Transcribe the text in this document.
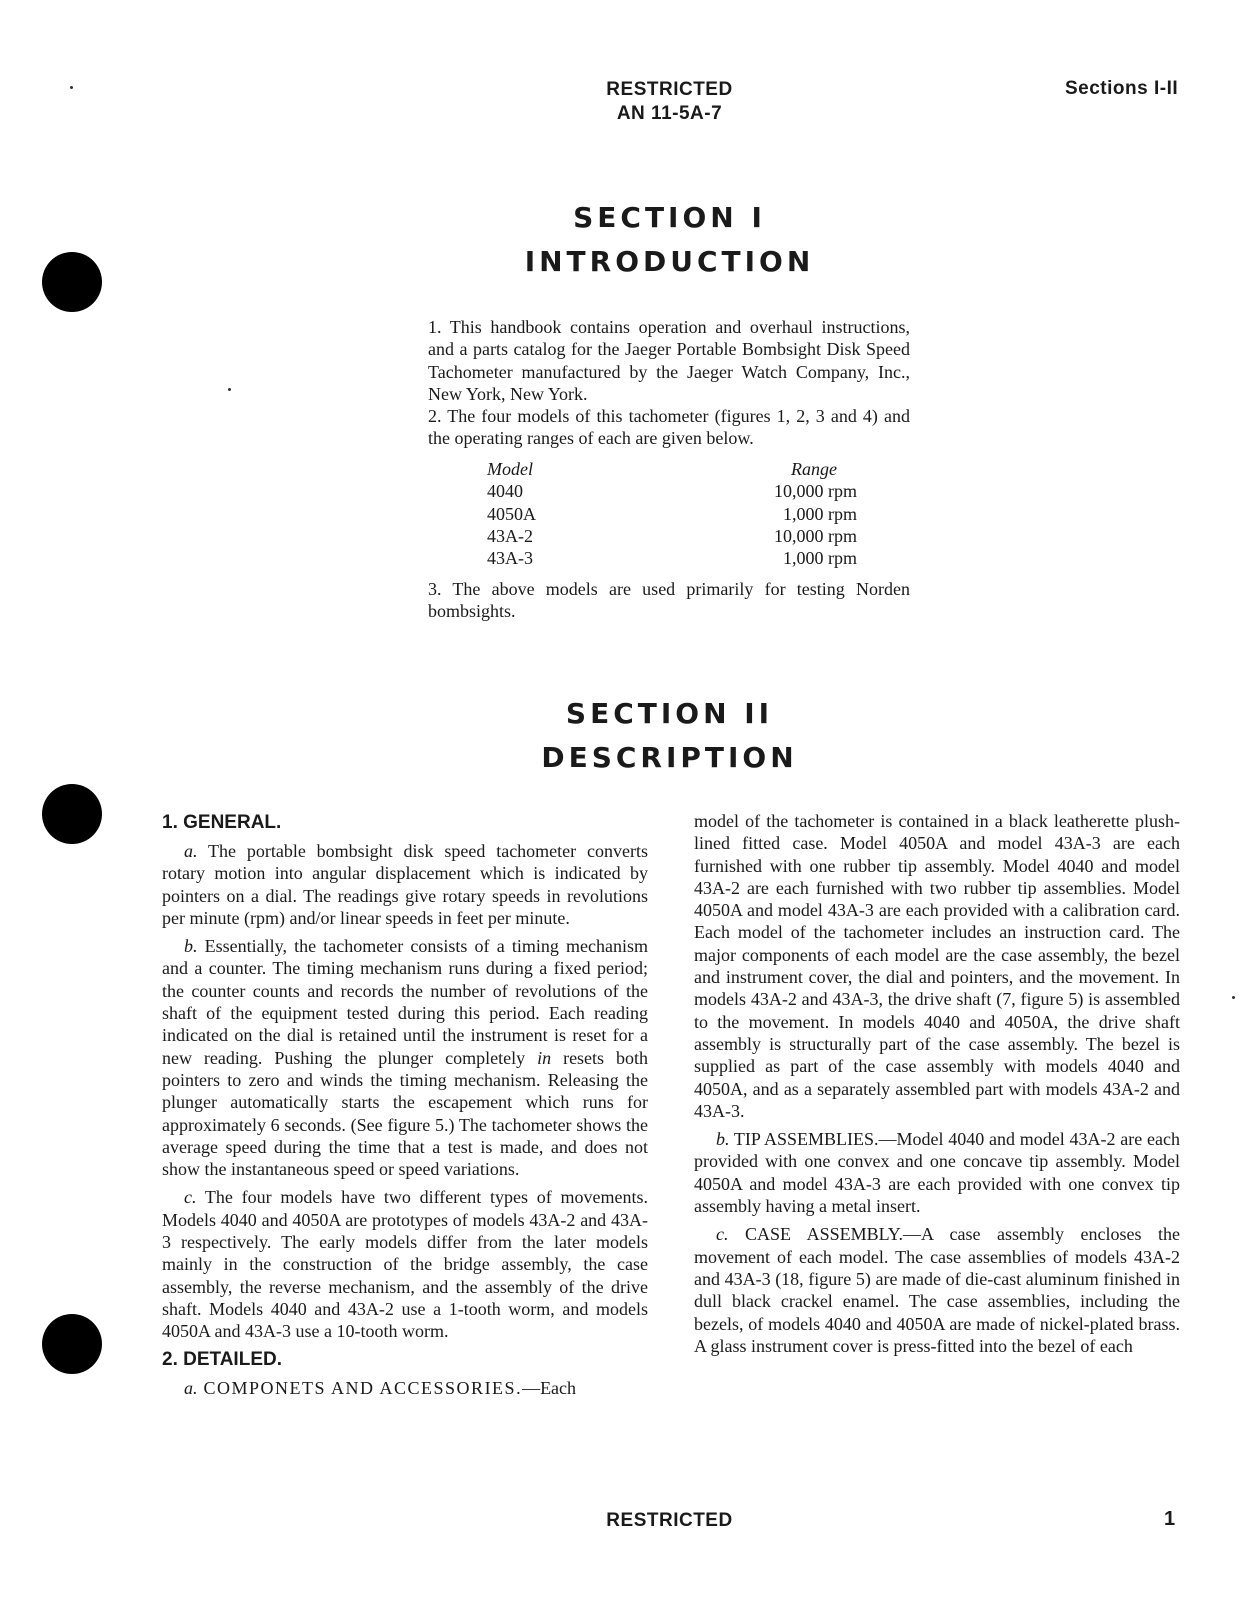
RESTRICTED
AN 11-5A-7
Sections I-II
SECTION I
INTRODUCTION

1. This handbook contains operation and overhaul instructions, and a parts catalog for the Jaeger Portable Bombsight Disk Speed Tachometer manufactured by the Jaeger Watch Company, Inc., New York, New York.

2. The four models of this tachometer (figures 1, 2, 3 and 4) and the operating ranges of each are given below.

Model	Range
4040	10,000 rpm
4050A	1,000 rpm
43A-2	10,000 rpm
43A-3	1,000 rpm

3. The above models are used primarily for testing Norden bombsights.

SECTION II
DESCRIPTION
1. GENERAL.

a. The portable bombsight disk speed tachometer converts rotary motion into angular displacement which is indicated by pointers on a dial. The readings give rotary speeds in revolutions per minute (rpm) and/or linear speeds in feet per minute.

b. Essentially, the tachometer consists of a timing mechanism and a counter. The timing mechanism runs during a fixed period; the counter counts and records the number of revolutions of the shaft of the equipment tested during this period. Each reading indicated on the dial is retained until the instrument is reset for a new reading. Pushing the plunger completely in resets both pointers to zero and winds the timing mechanism. Releasing the plunger automatically starts the escapement which runs for approximately 6 seconds. (See figure 5.) The tachometer shows the average speed during the time that a test is made, and does not show the instantaneous speed or speed variations.

c. The four models have two different types of movements. Models 4040 and 4050A are prototypes of models 43A-2 and 43A-3 respectively. The early models differ from the later models mainly in the construction of the bridge assembly, the case assembly, the reverse mechanism, and the assembly of the drive shaft. Models 4040 and 43A-2 use a 1-tooth worm, and models 4050A and 43A-3 use a 10-tooth worm.

2. DETAILED.

a. COMPONETS AND ACCESSORIES.—Each

model of the tachometer is contained in a black leatherette plush-lined fitted case. Model 4050A and model 43A-3 are each furnished with one rubber tip assembly. Model 4040 and model 43A-2 are each furnished with two rubber tip assemblies. Model 4050A and model 43A-3 are each provided with a calibration card. Each model of the tachometer includes an instruction card. The major components of each model are the case assembly, the bezel and instrument cover, the dial and pointers, and the movement. In models 43A-2 and 43A-3, the drive shaft (7, figure 5) is assembled to the movement. In models 4040 and 4050A, the drive shaft assembly is structurally part of the case assembly. The bezel is supplied as part of the case assembly with models 4040 and 4050A, and as a separately assembled part with models 43A-2 and 43A-3.

b. TIP ASSEMBLIES.—Model 4040 and model 43A-2 are each provided with one convex and one concave tip assembly. Model 4050A and model 43A-3 are each provided with one convex tip assembly having a metal insert.

c. CASE ASSEMBLY.—A case assembly encloses the movement of each model. The case assemblies of models 43A-2 and 43A-3 (18, figure 5) are made of die-cast aluminum finished in dull black crackel enamel. The case assemblies, including the bezels, of models 4040 and 4050A are made of nickel-plated brass. A glass instrument cover is press-fitted into the bezel of each

RESTRICTED	1
